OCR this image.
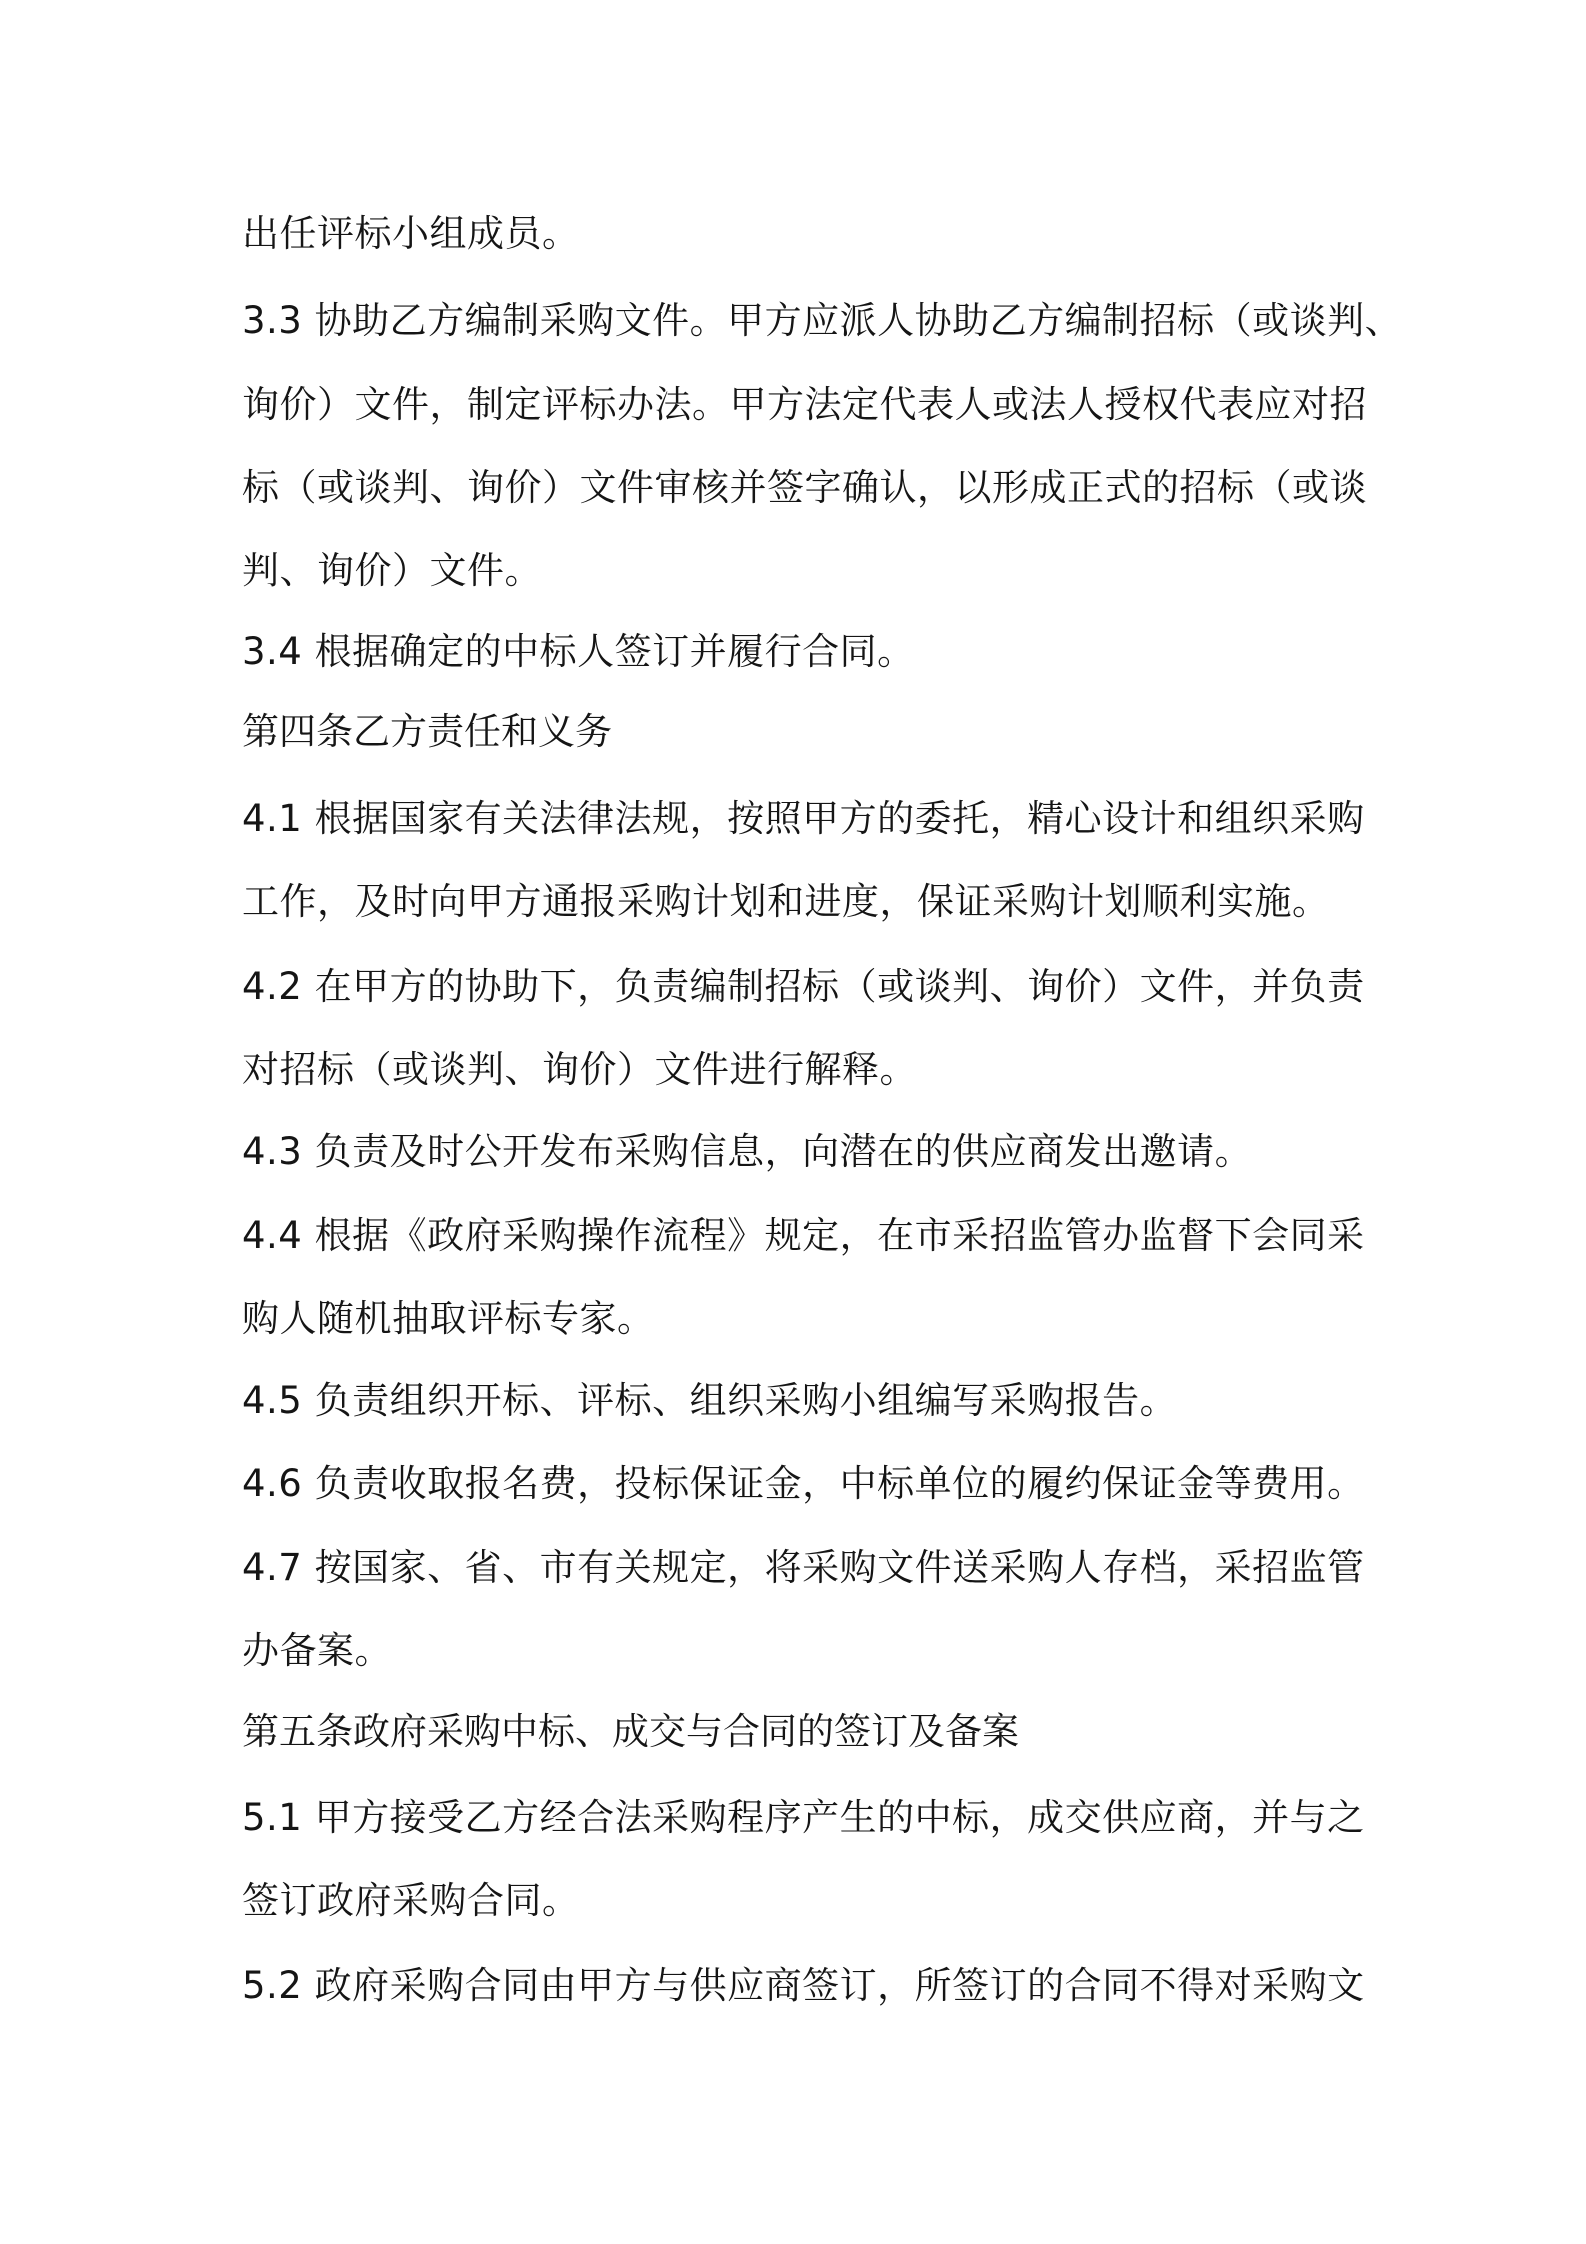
出任评标小组成员。

3.3 协助乙方编制采购文件。甲方应派人协助乙方编制招标（或谈判、

询价）文件，制定评标办法。甲方法定代表人或法人授权代表应对招

标（或谈判、询价）文件审核并签字确认，以形成正式的招标（或谈

判、询价）文件。

3.4 根据确定的中标人签订并履行合同。

第四条乙方责任和义务

4.1 根据国家有关法律法规，按照甲方的委托，精心设计和组织采购

工作，及时向甲方通报采购计划和进度，保证采购计划顺利实施。

4.2 在甲方的协助下，负责编制招标（或谈判、询价）文件，并负责

对招标（或谈判、询价）文件进行解释。

4.3 负责及时公开发布采购信息，向潜在的供应商发出邀请。

4.4 根据《政府采购操作流程》规定，在市采招监管办监督下会同采

购人随机抽取评标专家。

4.5 负责组织开标、评标、组织采购小组编写采购报告。

4.6 负责收取报名费，投标保证金，中标单位的履约保证金等费用。

4.7 按国家、省、市有关规定，将采购文件送采购人存档，采招监管

办备案。

第五条政府采购中标、成交与合同的签订及备案

5.1 甲方接受乙方经合法采购程序产生的中标，成交供应商，并与之

签订政府采购合同。

5.2 政府采购合同由甲方与供应商签订，所签订的合同不得对采购文
